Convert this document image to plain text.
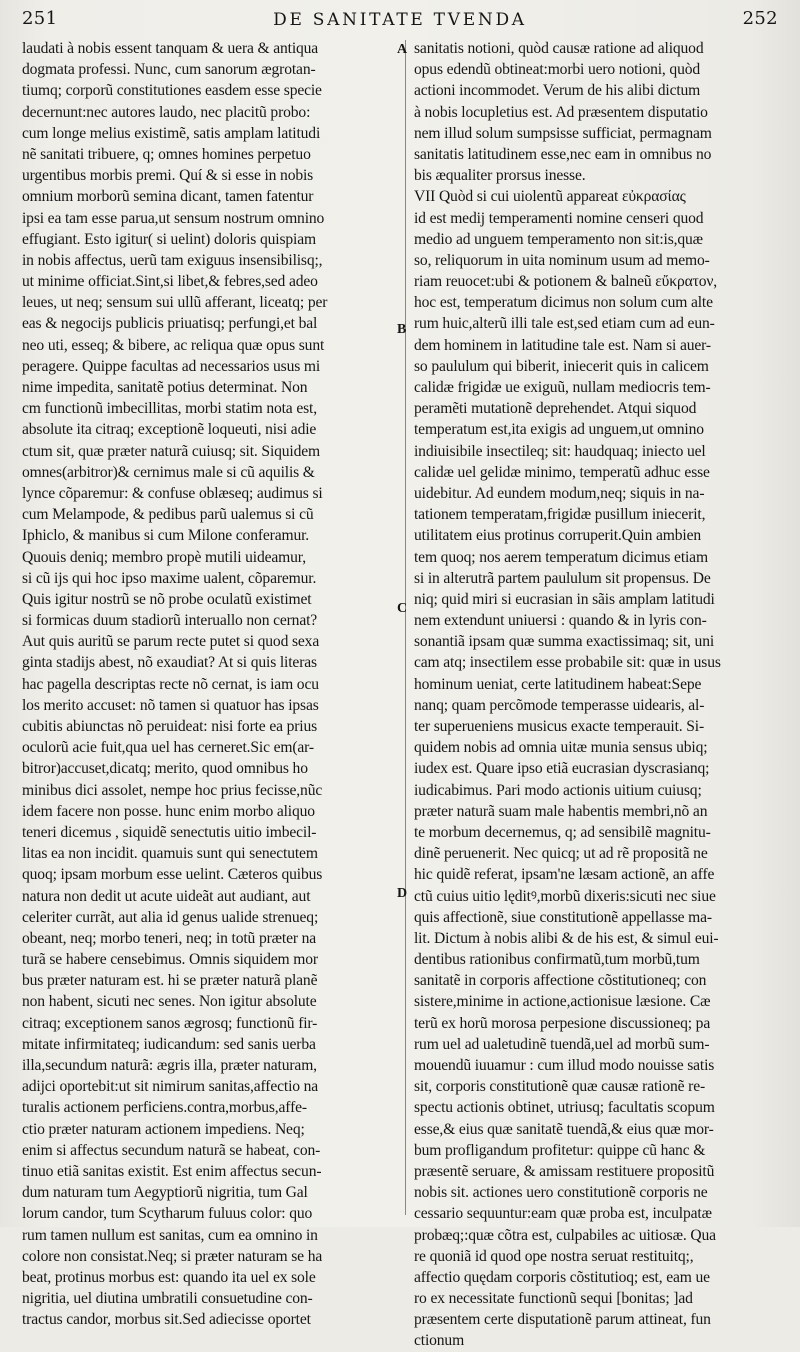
251	DE SANITATE TVENDA	252
laudati à nobis essent tanquam & uera & antiqua
dogmata professi. Nunc, cum sanorum ægrotan-
tiumq; corporũ constitutiones easdem esse specie
decernunt:nec autores laudo, nec placitũ probo:
cum longe melius existimẽ, satis amplam latitudi
nẽ sanitati tribuere, q; omnes homines perpetuo
urgentibus morbis premi. Quí & si esse in nobis
omnium morborũ semina dicant, tamen fatentur
ipsi ea tam esse parua,ut sensum nostrum omnino
effugiant. Esto igitur( si uelint) doloris quispiam
in nobis affectus, uerũ tam exiguus insensibilisq;,
ut minime officiat.Sint,si libet,& febres,sed adeo
leues, ut neq; sensum sui ullũ afferant, liceatq; per
eas & negocijs publicis priuatisq; perfungi,et bal
neo uti, esseq; & bibere, ac reliqua quæ opus sunt
peragere. Quippe facultas ad necessarios usus mi
nime impedita, sanitatẽ potius determinat. Non
cm functionũ imbecillitas, morbi statim nota est,
absolute ita citraq; exceptionẽ loqueuti, nisi adie
ctum sit, quæ præter naturã cuiusq; sit. Siquidem
omnes(arbitror)& cernimus male si cũ aquilis &
lynce cõparemur: & confuse oblæseq; audimus si
cum Melampode, & pedibus parũ ualemus si cũ
Iphiclo, & manibus si cum Milone conferamur.
Quouis deniq; membro propè mutili uideamur,
si cũ ijs qui hoc ipso maxime ualent, cõparemur.
Quis igitur nostrũ se nõ probe oculatũ existimet
si formicas duum stadiorũ interuallo non cernat?
Aut quis auritũ se parum recte putet si quod sexa
ginta stadijs abest, nõ exaudiat? At si quis literas
hac pagella descriptas recte nõ cernat, is iam ocu
los merito accuset: nõ tamen si quatuor has ipsas
cubitis abiunctas nõ peruideat: nisi forte ea prius
oculorũ acie fuit,qua uel has cerneret.Sic em(ar-
bitror)accuset,dicatq; merito, quod omnibus ho
minibus dici assolet, nempe hoc prius fecisse,nũc
idem facere non posse. hunc enim morbo aliquo
teneri dicemus , siquidẽ senectutis uitio imbecil-
litas ea non incidit. quamuis sunt qui senectutem
quoq; ipsam morbum esse uelint. Cæteros quibus
natura non dedit ut acute uideãt aut audiant, aut
celeriter currãt, aut alia id genus ualide strenueq;
obeant, neq; morbo teneri, neq; in totũ præter na
turã se habere censebimus. Omnis siquidem mor
bus præter naturam est. hi se præter naturã planẽ
non habent, sicuti nec senes. Non igitur absolute
citraq; exceptionem sanos ægrosq; functionũ fir-
mitate infirmitateq; iudicandum: sed sanis uerba
illa,secundum naturã: ægris illa, præter naturam,
adijci oportebit:ut sit nimirum sanitas,affectio na
turalis actionem perficiens.contra,morbus,affe-
ctio præter naturam actionem impediens. Neq;
enim si affectus secundum naturã se habeat, con-
tinuo etiã sanitas existit. Est enim affectus secun-
dum naturam tum Aegyptiorũ nigritia, tum Gal
lorum candor, tum Scytharum fuluus color: quo
rum tamen nullum est sanitas, cum ea omnino in
colore non consistat.Neq; si præter naturam se ha
beat, protinus morbus est: quando ita uel ex sole
nigritia, uel diutina umbratili consuetudine con-
tractus candor, morbus sit.Sed adiecisse oportet
sanitatis notioni, quòd causæ ratione ad aliquod
opus edendũ obtineat:morbi uero notioni, quòd
actioni incommodet. Verum de his alibi dictum
à nobis locupletius est. Ad præsentem disputatio
nem illud solum sumpsisse sufficiat, permagnam
sanitatis latitudinem esse,nec eam in omnibus no
bis æqualiter prorsus inesse.
VII Quòd si cui uiolentũ appareat εὐκρασίας
id est medij temperamenti nomine censeri quod
medio ad unguem temperamento non sit:is,quæ
so, reliquorum in uita nominum usum ad memo-
riam reuocet:ubi & potionem & balneũ εὔκρατον,
hoc est, temperatum dicimus non solum cum alte
rum huic,alterũ illi tale est,sed etiam cum ad eun-
dem hominem in latitudine tale est. Nam si auer-
so paululum qui biberit, iniecerit quis in calicem
calidæ frigidæ ue exiguũ, nullam mediocris tem-
peramẽti mutationẽ deprehendet. Atqui siquod
temperatum est,ita exigis ad unguem,ut omnino
indiuisibile insectileq; sit: haudquaq; iniecto uel
calidæ uel gelidæ minimo, temperatũ adhuc esse
uidebitur. Ad eundem modum,neq; siquis in na-
tationem temperatam,frigidæ pusillum iniecerit,
utilitatem eius protinus corruperit.Quin ambien
tem quoq; nos aerem temperatum dicimus etiam
si in alterutrã partem paululum sit propensus. De
niq; quid miri si eucrasian in sãis amplam latitudi
nem extendunt uniuersi : quando & in lyris con-
sonantiã ipsam quæ summa exactissimaq; sit, uni
cam atq; insectilem esse probabile sit: quæ in usus
hominum ueniat, certe latitudinem habeat:Sepe
nanq; quam percõmode temperasse uidearis, al-
ter superueniens musicus exacte temperauit. Si-
quidem nobis ad omnia uitæ munia sensus ubiq;
iudex est. Quare ipso etiã eucrasian dyscrasianq;
iudicabimus. Pari modo actionis uitium cuiusq;
præter naturã suam male habentis membri,nõ an
te morbum decernemus, q; ad sensibilẽ magnitu-
dinẽ peruenerit. Nec quicq; ut ad rẽ propositã ne
hic quidẽ referat, ipsam'ne læsam actionẽ, an affe
ctũ cuius uitio lęditꝰ,morbũ dixeris:sicuti nec siue
quis affectionẽ, siue constitutionẽ appellasse ma-
lit. Dictum à nobis alibi & de his est, & simul eui-
dentibus rationibus confirmatũ,tum morbũ,tum
sanitatẽ in corporis affectione cõstitutioneq; con
sistere,minime in actione,actionisue læsione. Cæ
terũ ex horũ morosa perpesione discussioneq; pa
rum uel ad ualetudinẽ tuendã,uel ad morbũ sum-
mouendũ iuuamur : cum illud modo nouisse satis
sit, corporis constitutionẽ quæ causæ rationẽ re-
spectu actionis obtinet, utriusq; facultatis scopum
esse,& eius quæ sanitatẽ tuendã,& eius quæ mor-
bum profligandum profitetur: quippe cũ hanc &
præsentẽ seruare, & amissam restituere propositũ
nobis sit. actiones uero constitutionẽ corporis ne
cessario sequuntur:eam quæ proba est, inculpatæ
probæq;:quæ cõtra est, culpabiles ac uitiosæ. Qua
re quoniã id quod ope nostra seruat restituitq;,
affectio quędam corporis cõstitutioq; est, eam ue
ro ex necessitate functionũ sequi [bonitas; ]ad
præsentem certe disputationẽ parum attineat, fun
ctionum
A
B
C
D
